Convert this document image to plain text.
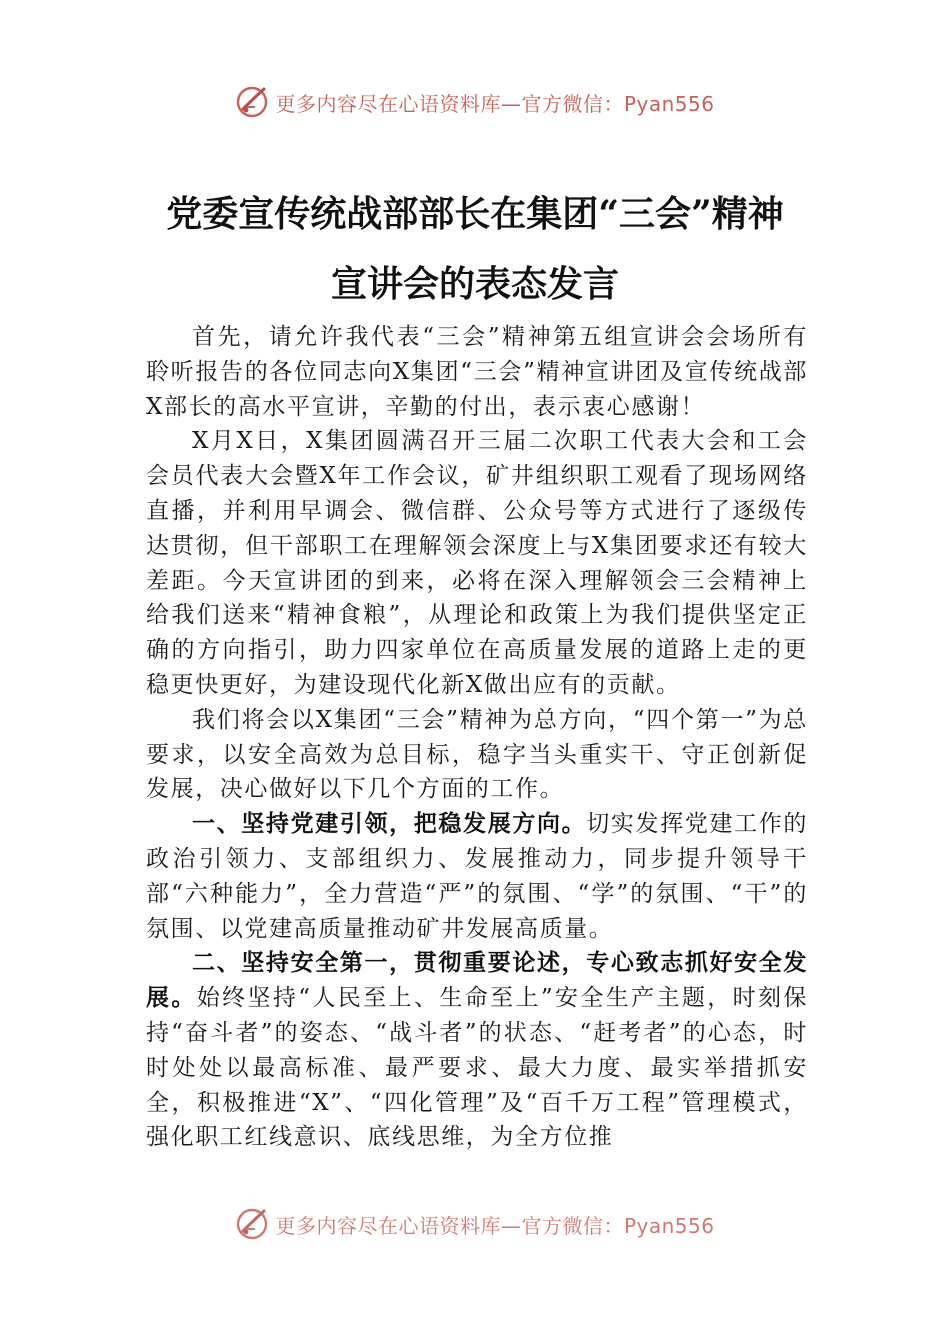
更多内容尽在心语资料库—官方微信：Pyan556
党委宣传统战部部长在集团“三会”精神
宣讲会的表态发言

首先，请允许我代表“三会”精神第五组宣讲会会场所有聆听报告的各位同志向X集团“三会”精神宣讲团及宣传统战部X部长的高水平宣讲，辛勤的付出，表示衷心感谢！

X月X日，X集团圆满召开三届二次职工代表大会和工会会员代表大会暨X年工作会议，矿井组织职工观看了现场网络直播，并利用早调会、微信群、公众号等方式进行了逐级传达贯彻，但干部职工在理解领会深度上与X集团要求还有较大差距。今天宣讲团的到来，必将在深入理解领会三会精神上给我们送来“精神食粮”，从理论和政策上为我们提供坚定正确的方向指引，助力四家单位在高质量发展的道路上走的更稳更快更好，为建设现代化新X做出应有的贡献。

我们将会以X集团“三会”精神为总方向，“四个第一”为总要求，以安全高效为总目标，稳字当头重实干、守正创新促发展，决心做好以下几个方面的工作。

一、坚持党建引领，把稳发展方向。切实发挥党建工作的政治引领力、支部组织力、发展推动力，同步提升领导干部“六种能力”，全力营造“严”的氛围、“学”的氛围、“干”的氛围、以党建高质量推动矿井发展高质量。

二、坚持安全第一，贯彻重要论述，专心致志抓好安全发展。始终坚持“人民至上、生命至上”安全生产主题，时刻保持“奋斗者”的姿态、“战斗者”的状态、“赶考者”的心态，时时处处以最高标准、最严要求、最大力度、最实举措抓安全，积极推进“X”、“四化管理”及“百千万工程”管理模式，强化职工红线意识、底线思维，为全方位推

更多内容尽在心语资料库—官方微信：Pyan556
